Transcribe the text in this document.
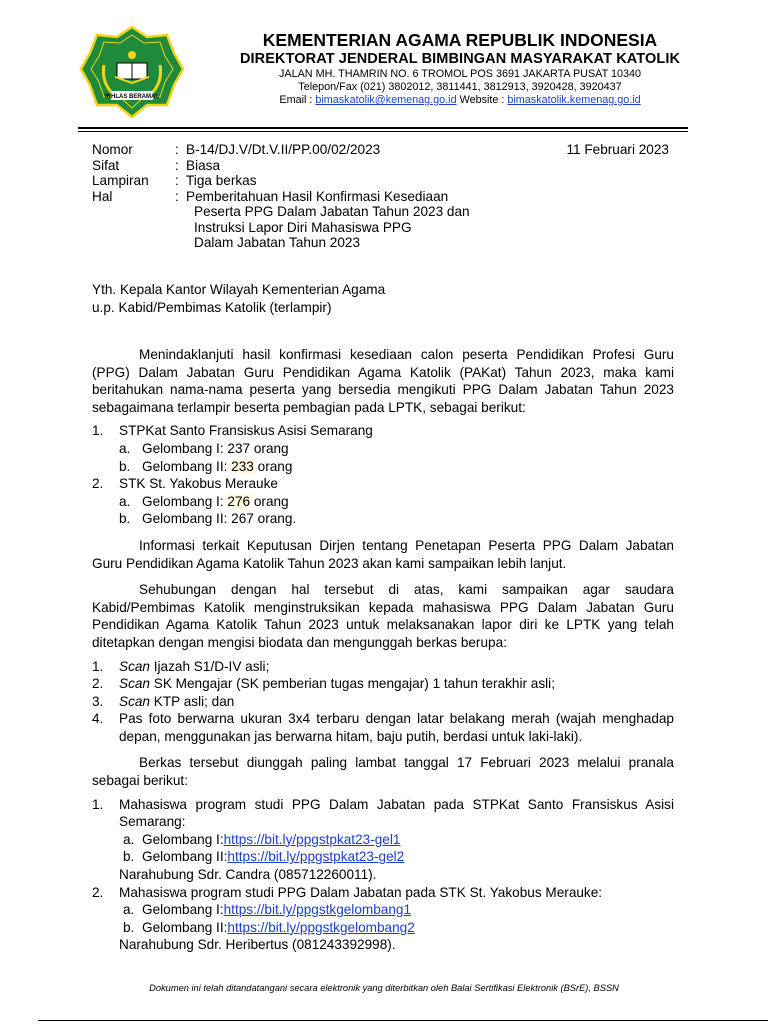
IKHLAS BERAMAL
KEMENTERIAN AGAMA REPUBLIK INDONESIA
DIREKTORAT JENDERAL BIMBINGAN MASYARAKAT KATOLIK
JALAN MH. THAMRIN NO. 6 TROMOL POS 3691 JAKARTA PUSAT 10340
Telepon/Fax (021) 3802012, 3811441, 3812913, 3920428, 3920437
Email : bimaskatolik@kemenag.go.id Website : bimaskatolik.kemenag.go.id
11 Februari 2023
Nomor	: B-14/DJ.V/Dt.V.II/PP.00/02/2023
Sifat	: Biasa
Lampiran	: Tiga berkas
Hal	: Pemberitahuan Hasil Konfirmasi Kesediaan
Peserta PPG Dalam Jabatan Tahun 2023 dan
Instruksi Lapor Diri Mahasiswa PPG
Dalam Jabatan Tahun 2023
Yth. Kepala Kantor Wilayah Kementerian Agama
u.p. Kabid/Pembimas Katolik (terlampir)

Menindaklanjuti hasil konfirmasi kesediaan calon peserta Pendidikan Profesi Guru (PPG) Dalam Jabatan Guru Pendidikan Agama Katolik (PAKat) Tahun 2023, maka kami beritahukan nama-nama peserta yang bersedia mengikuti PPG Dalam Jabatan Tahun 2023 sebagaimana terlampir beserta pembagian pada LPTK, sebagai berikut:

1.	STPKat Santo Fransiskus Asisi Semarang
a. Gelombang I: 237 orang
b. Gelombang II: 233 orang
2.	STK St. Yakobus Merauke
a. Gelombang I: 276 orang
b. Gelombang II: 267 orang.

Informasi terkait Keputusan Dirjen tentang Penetapan Peserta PPG Dalam Jabatan Guru Pendidikan Agama Katolik Tahun 2023 akan kami sampaikan lebih lanjut.

Sehubungan dengan hal tersebut di atas, kami sampaikan agar saudara Kabid/Pembimas Katolik menginstruksikan kepada mahasiswa PPG Dalam Jabatan Guru Pendidikan Agama Katolik Tahun 2023 untuk melaksanakan lapor diri ke LPTK yang telah ditetapkan dengan mengisi biodata dan mengunggah berkas berupa:

1.	Scan Ijazah S1/D-IV asli;
2.	Scan SK Mengajar (SK pemberian tugas mengajar) 1 tahun terakhir asli;
3.	Scan KTP asli; dan
4.	Pas foto berwarna ukuran 3x4 terbaru dengan latar belakang merah (wajah menghadap depan, menggunakan jas berwarna hitam, baju putih, berdasi untuk laki-laki).

Berkas tersebut diunggah paling lambat tanggal 17 Februari 2023 melalui pranala sebagai berikut:

1.	Mahasiswa program studi PPG Dalam Jabatan pada STPKat Santo Fransiskus Asisi Semarang:
a. Gelombang I: https://bit.ly/ppgstpkat23-gel1
b. Gelombang II: https://bit.ly/ppgstpkat23-gel2
Narahubung Sdr. Candra (085712260011).
2.	Mahasiswa program studi PPG Dalam Jabatan pada STK St. Yakobus Merauke:
a. Gelombang I: https://bit.ly/ppgstkgelombang1
b. Gelombang II: https://bit.ly/ppgstkgelombang2
Narahubung Sdr. Heribertus (081243392998).
Dokumen ini telah ditandatangani secara elektronik yang diterbitkan oleh Balai Sertifikasi Elektronik (BSrE), BSSN
